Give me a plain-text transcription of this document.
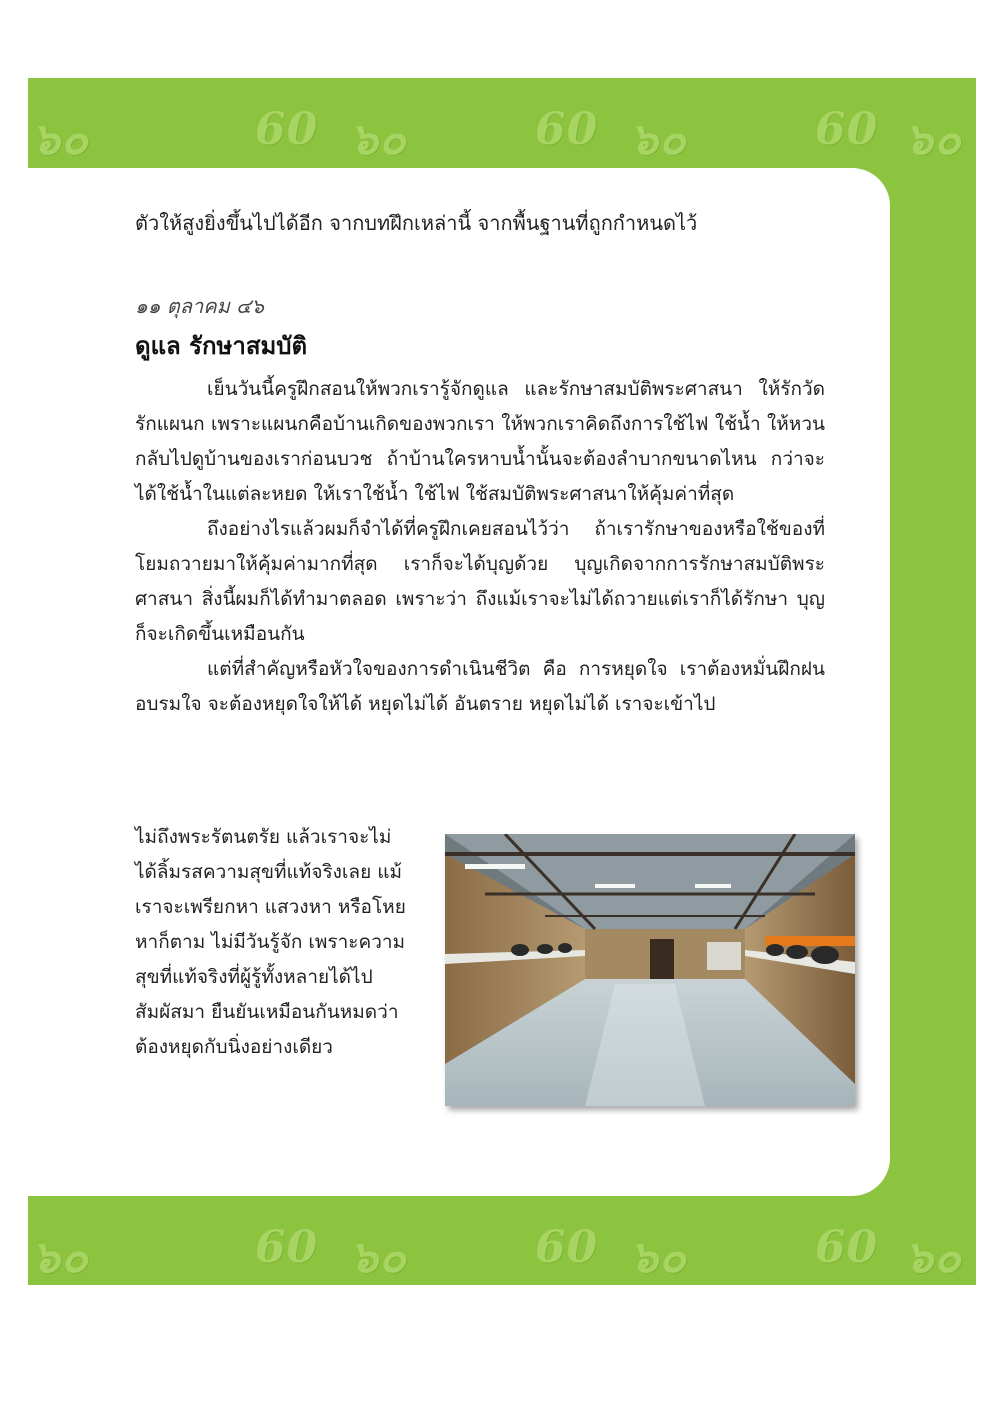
๖๐	60 ๖๐	60 ๖๐	60 ๖๐
๖๐	60 ๖๐	60 ๖๐	60 ๖๐
ตัวให้สูงยิ่งขึ้นไปได้อีก จากบทฝึกเหล่านี้ จากพื้นฐานที่ถูกกำหนดไว้
๑๑ ตุลาคม ๔๖
ดูแล รักษาสมบัติ

เย็นวันนี้ครูฝึกสอนให้พวกเรารู้จักดูแล และรักษาสมบัติพระศาสนา ให้รักวัด รักแผนก เพราะแผนกคือบ้านเกิดของพวกเรา ให้พวกเราคิดถึงการใช้ไฟ ใช้น้ำ ให้หวนกลับไปดูบ้านของเราก่อนบวช ถ้าบ้านใครหาบน้ำนั้นจะต้องลำบากขนาดไหน กว่าจะได้ใช้น้ำในแต่ละหยด ให้เราใช้น้ำ ใช้ไฟ ใช้สมบัติพระศาสนาให้คุ้มค่าที่สุด

ถึงอย่างไรแล้วผมก็จำได้ที่ครูฝึกเคยสอนไว้ว่า ถ้าเรารักษาของหรือใช้ของที่โยมถวายมาให้คุ้มค่ามากที่สุด เราก็จะได้บุญด้วย บุญเกิดจากการรักษาสมบัติพระศาสนา สิ่งนี้ผมก็ได้ทำมาตลอด เพราะว่า ถึงแม้เราจะไม่ได้ถวายแต่เราก็ได้รักษา บุญก็จะเกิดขึ้นเหมือนกัน

แต่ที่สำคัญหรือหัวใจของการดำเนินชีวิต คือ การหยุดใจ เราต้องหมั่นฝึกฝนอบรมใจ จะต้องหยุดใจให้ได้ หยุดไม่ได้ อันตราย หยุดไม่ได้ เราจะเข้าไป

ไม่ถึงพระรัตนตรัย แล้วเราจะไม่
ได้ลิ้มรสความสุขที่แท้จริงเลย แม้
เราจะเพรียกหา แสวงหา หรือโหย
หาก็ตาม ไม่มีวันรู้จัก เพราะความ
สุขที่แท้จริงที่ผู้รู้ทั้งหลายได้ไป
สัมผัสมา ยืนยันเหมือนกันหมดว่า
ต้องหยุดกับนิ่งอย่างเดียว
